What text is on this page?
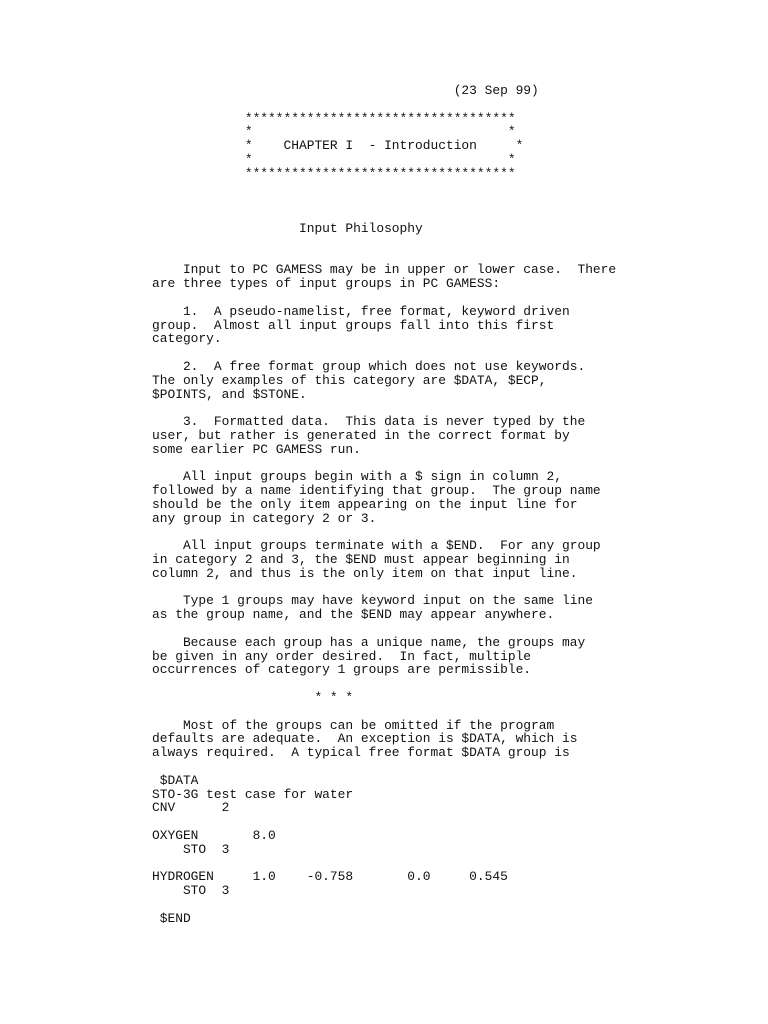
(23 Sep 99)

***********************************
*                                 *
*    CHAPTER I  - Introduction     *
*                                 *
***********************************

Input Philosophy

Input to PC GAMESS may be in upper or lower case.  There
are three types of input groups in PC GAMESS:

1.  A pseudo-namelist, free format, keyword driven
group.  Almost all input groups fall into this first
category.

2.  A free format group which does not use keywords.
The only examples of this category are $DATA, $ECP,
$POINTS, and $STONE.

3.  Formatted data.  This data is never typed by the
user, but rather is generated in the correct format by
some earlier PC GAMESS run.

All input groups begin with a $ sign in column 2,
followed by a name identifying that group.  The group name
should be the only item appearing on the input line for
any group in category 2 or 3.

All input groups terminate with a $END.  For any group
in category 2 and 3, the $END must appear beginning in
column 2, and thus is the only item on that input line.

Type 1 groups may have keyword input on the same line
as the group name, and the $END may appear anywhere.

Because each group has a unique name, the groups may
be given in any order desired.  In fact, multiple
occurrences of category 1 groups are permissible.

* * *

Most of the groups can be omitted if the program
defaults are adequate.  An exception is $DATA, which is
always required.  A typical free format $DATA group is

$DATA
STO-3G test case for water
CNV      2

OXYGEN       8.0
STO  3

HYDROGEN     1.0    -0.758       0.0     0.545
STO  3

$END
